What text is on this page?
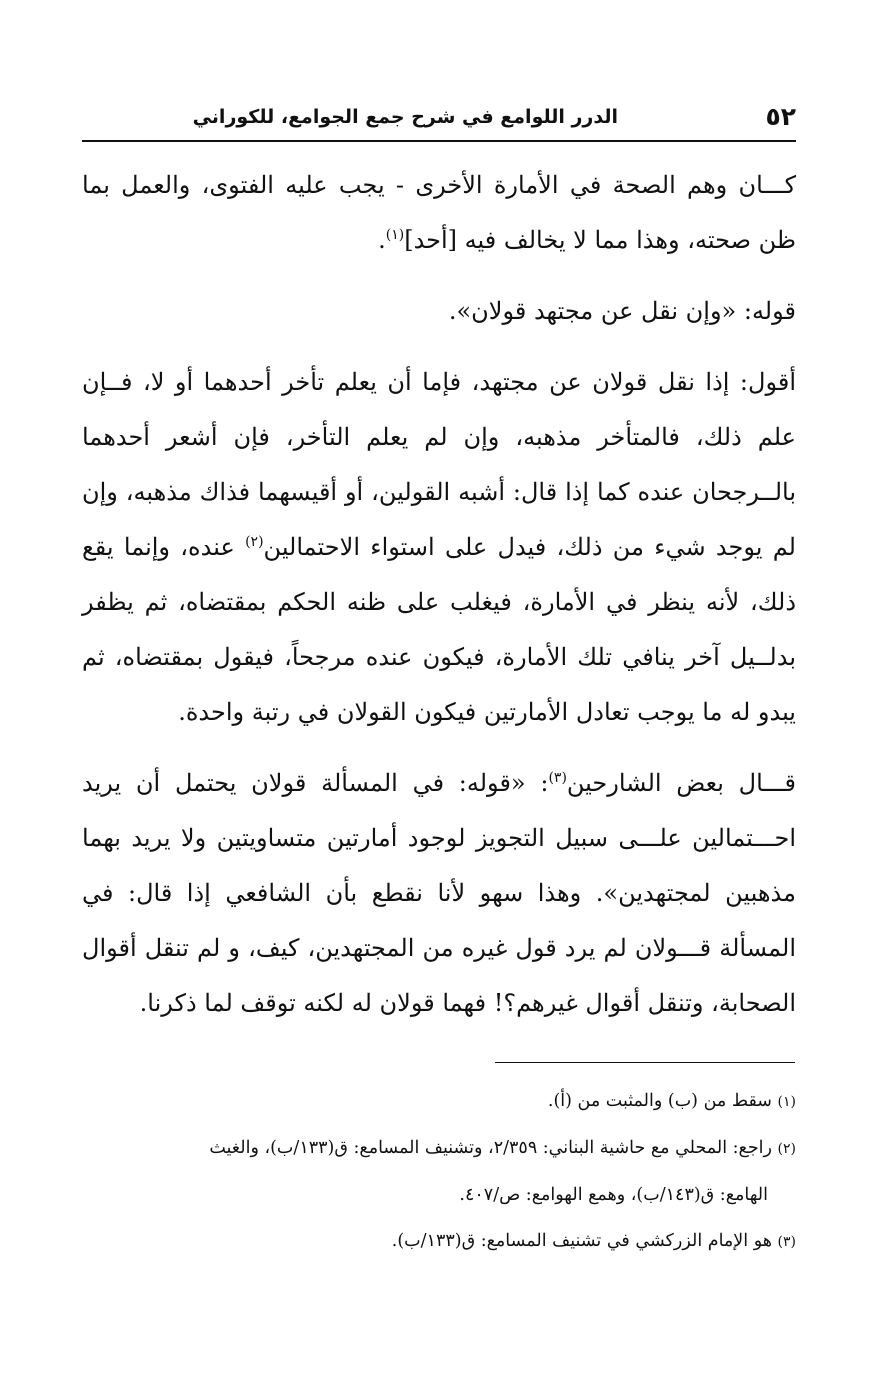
٥٢
الدرر اللوامع في شرح جمع الجوامع، للكوراني

كـــان وهم الصحة في الأمارة الأخرى - يجب عليه الفتوى، والعمل بما ظن صحته، وهذا مما لا يخالف فيه [أحد]$^{(١)}$.

قوله: «وإن نقل عن مجتهد قولان».

أقول: إذا نقل قولان عن مجتهد، فإما أن يعلم تأخر أحدهما أو لا، فــإن علم ذلك، فالمتأخر مذهبه، وإن لم يعلم التأخر، فإن أشعر أحدهما بالــرجحان عنده كما إذا قال: أشبه القولين، أو أقيسهما فذاك مذهبه، وإن لم يوجد شيء من ذلك، فيدل على استواء الاحتمالين$^{(٢)}$ عنده، وإنما يقع ذلك، لأنه ينظر في الأمارة، فيغلب على ظنه الحكم بمقتضاه، ثم يظفر بدلــيل آخر ينافي تلك الأمارة، فيكون عنده مرجحاً، فيقول بمقتضاه، ثم يبدو له ما يوجب تعادل الأمارتين فيكون القولان في رتبة واحدة.

قـــال بعض الشارحين$^{(٣)}$: «قوله: في المسألة قولان يحتمل أن يريد احـــتمالين علـــى سبيل التجويز لوجود أمارتين متساويتين ولا يريد بهما مذهبين لمجتهدين». وهذا سهو لأنا نقطع بأن الشافعي إذا قال: في المسألة قـــولان لم يرد قول غيره من المجتهدين، كيف، و لم تنقل أقوال الصحابة، وتنقل أقوال غيرهم؟! فهما قولان له لكنه توقف لما ذكرنا.

(١) سقط من (ب) والمثبت من (أ).

(٢) راجع: المحلي مع حاشية البناني: ٢/٣٥٩، وتشنيف المسامع: ق(١٣٣/ب)، والغيث

الهامع: ق(١٤٣/ب)، وهمع الهوامع: ص/٤٠٧.

(٣) هو الإمام الزركشي في تشنيف المسامع: ق(١٣٣/ب).
